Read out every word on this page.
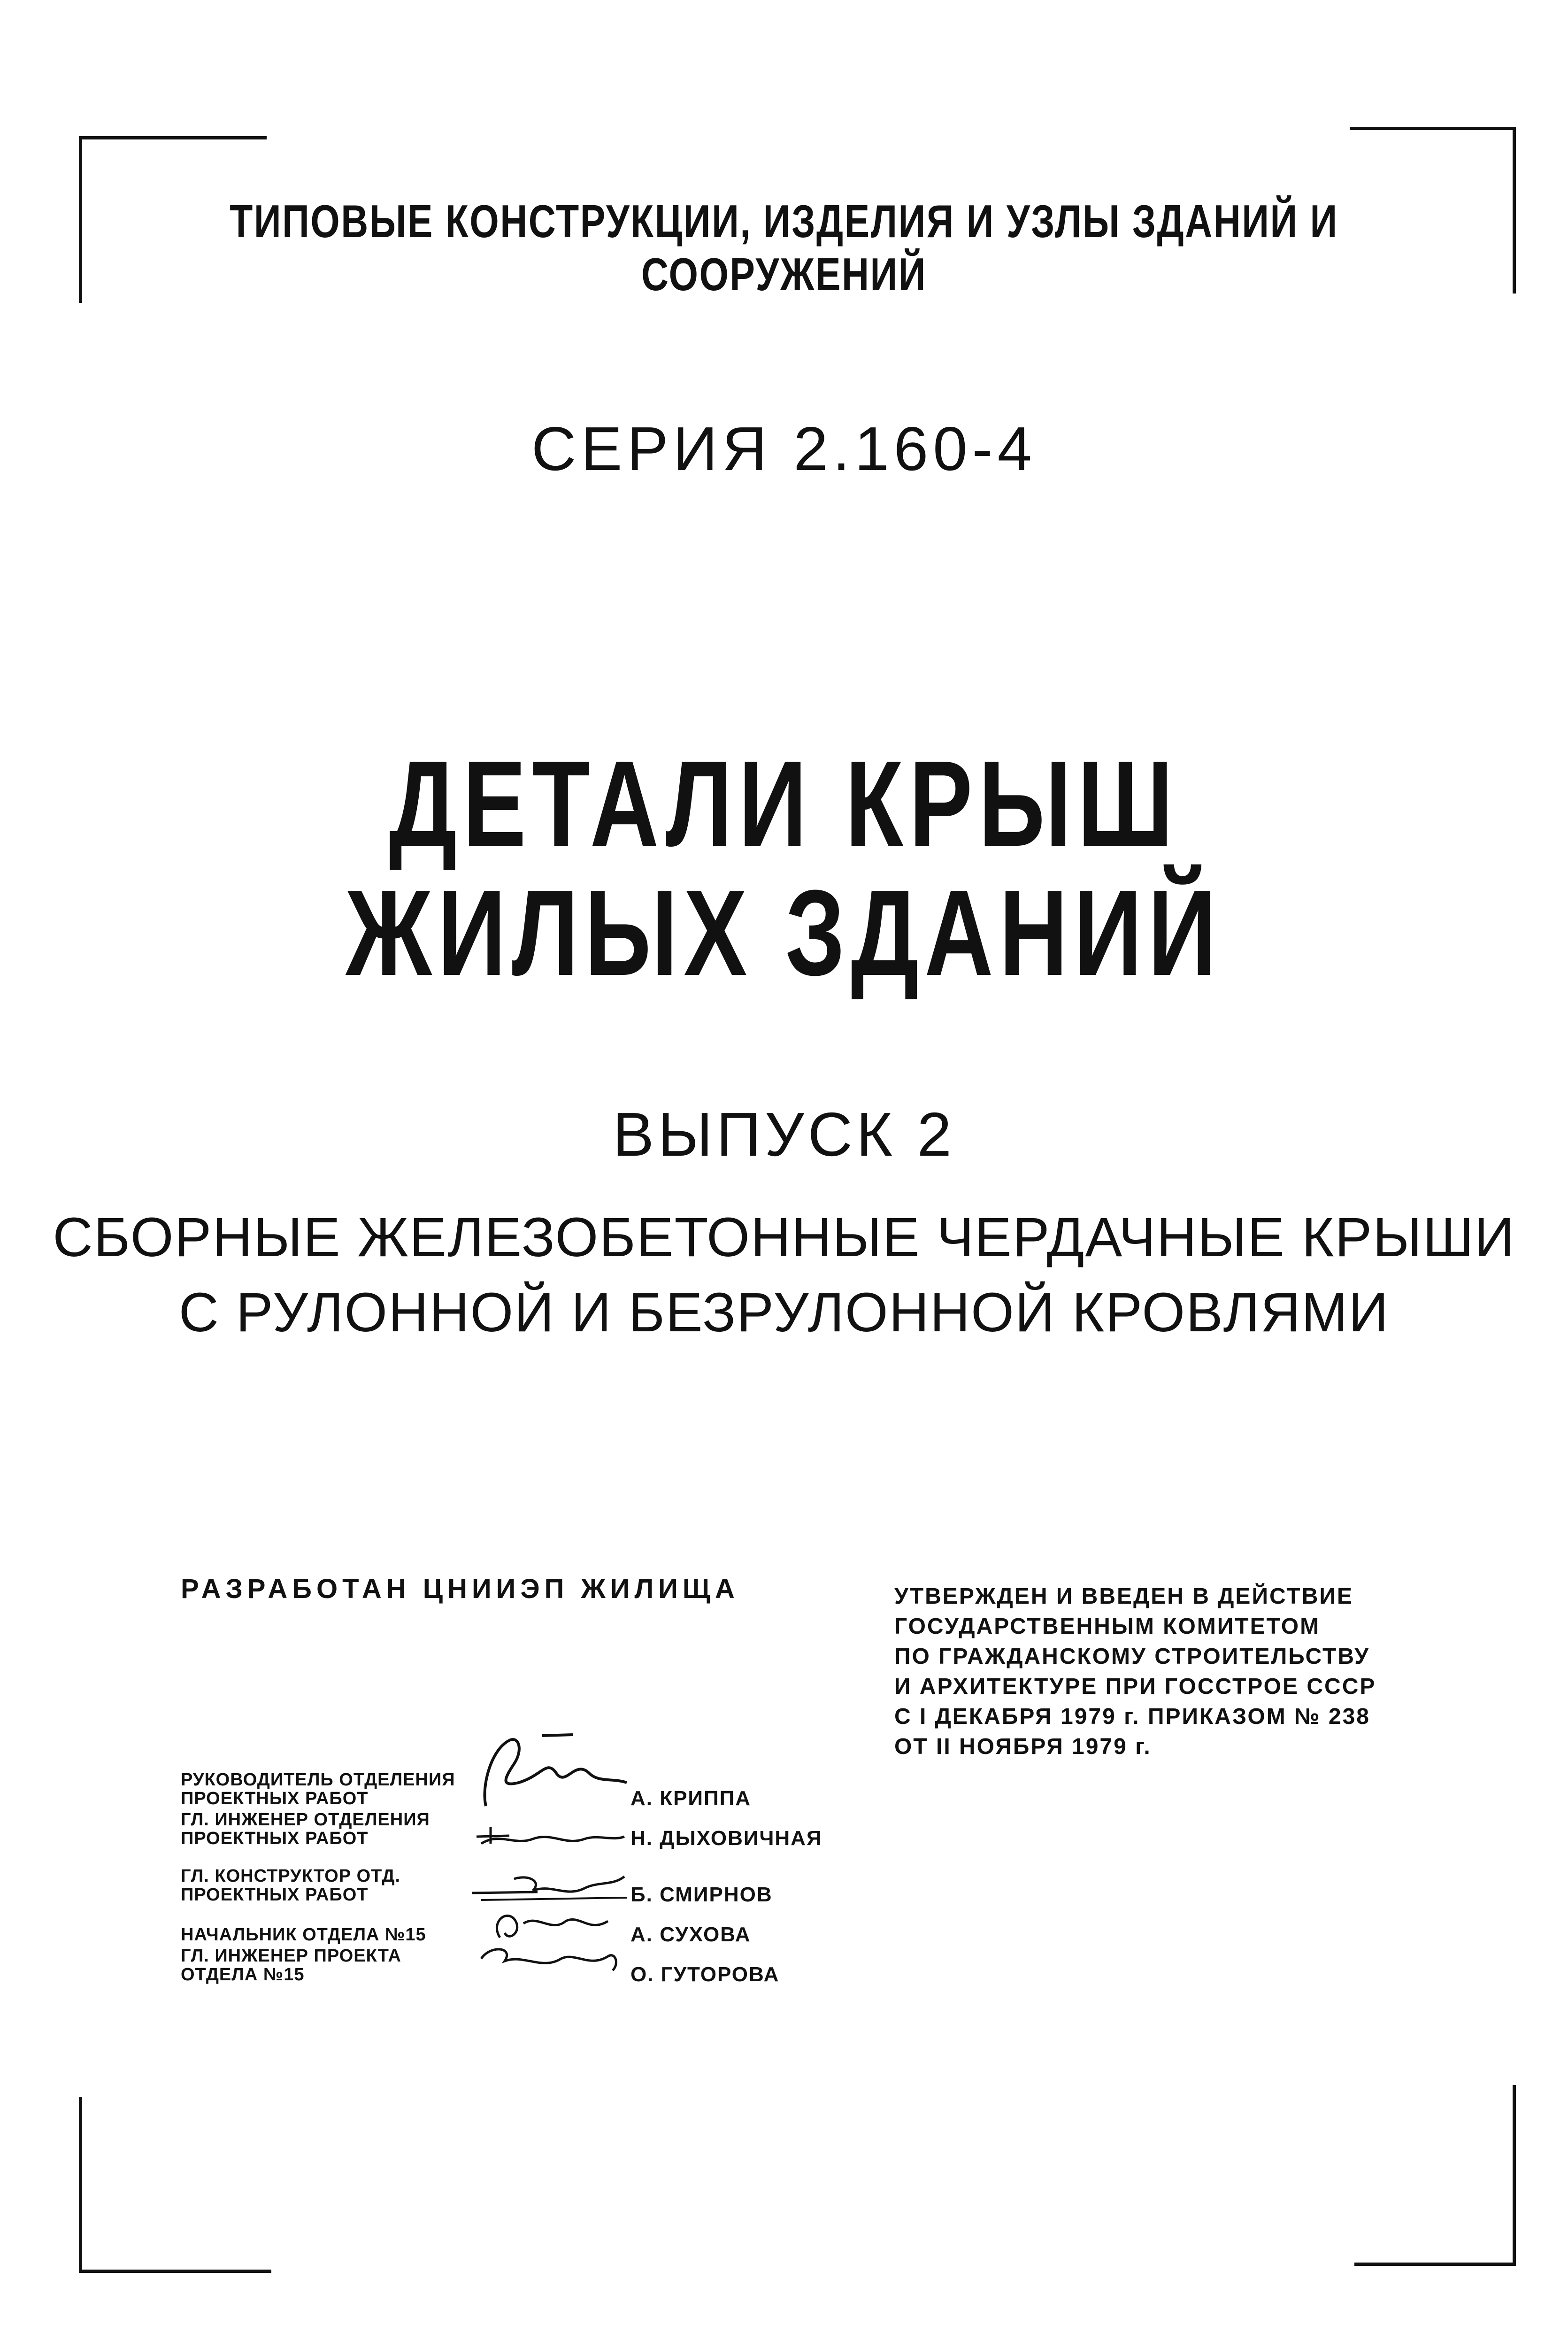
ТИПОВЫЕ КОНСТРУКЦИИ, ИЗДЕЛИЯ И УЗЛЫ ЗДАНИЙ И СООРУЖЕНИЙ
СЕРИЯ 2.160-4
ДЕТАЛИ КРЫШ
ЖИЛЫХ ЗДАНИЙ
ВЫПУСК 2
СБОРНЫЕ ЖЕЛЕЗОБЕТОННЫЕ ЧЕРДАЧНЫЕ КРЫШИ
С РУЛОННОЙ И БЕЗРУЛОННОЙ КРОВЛЯМИ
РАЗРАБОТАН ЦНИИЭП ЖИЛИЩА	УТВЕРЖДЕН И ВВЕДЕН В ДЕЙСТВИЕ
ГОСУДАРСТВЕННЫМ КОМИТЕТОМ
ПО ГРАЖДАНСКОМУ СТРОИТЕЛЬСТВУ
И АРХИТЕКТУРЕ ПРИ ГОССТРОЕ СССР
С I ДЕКАБРЯ 1979 г. ПРИКАЗОМ № 238
ОТ II НОЯБРЯ 1979 г.
РУКОВОДИТЕЛЬ ОТДЕЛЕНИЯ
ПРОЕКТНЫХ РАБОТ	А. КРИППА
ГЛ. ИНЖЕНЕР ОТДЕЛЕНИЯ
ПРОЕКТНЫХ РАБОТ	Н. ДЫХОВИЧНАЯ
ГЛ. КОНСТРУКТОР ОТД.
ПРОЕКТНЫХ РАБОТ	Б. СМИРНОВ
НАЧАЛЬНИК ОТДЕЛА №15	А. СУХОВА
ГЛ. ИНЖЕНЕР ПРОЕКТА
ОТДЕЛА №15	О. ГУТОРОВА
